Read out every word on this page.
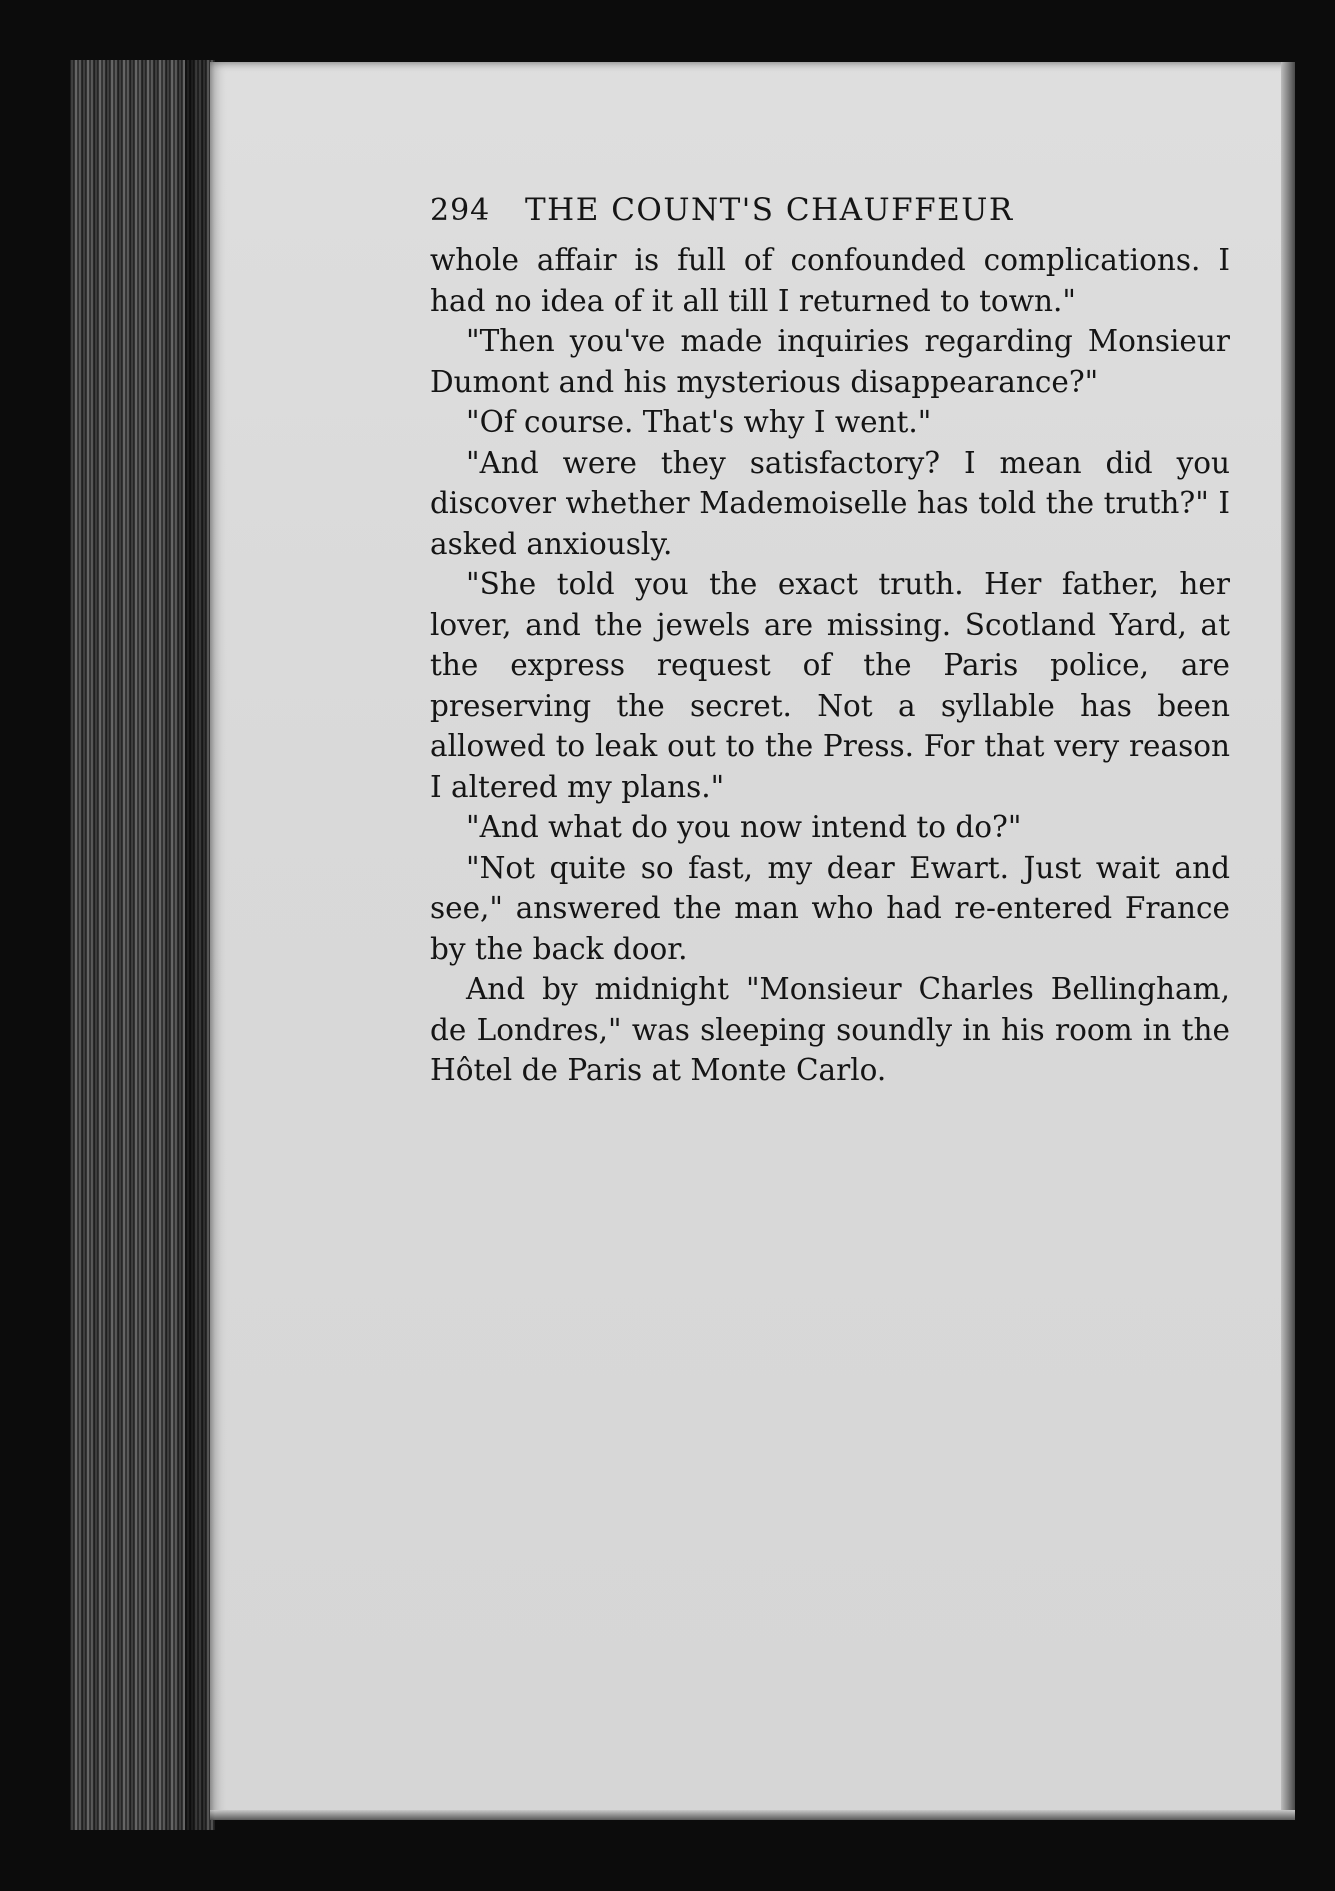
294	THE COUNT'S CHAUFFEUR

whole affair is full of confounded complications. I had no idea of it all till I returned to town."

"Then you've made inquiries regarding Monsieur Dumont and his mysterious disappearance?"

"Of course. That's why I went."

"And were they satisfactory? I mean did you discover whether Mademoiselle has told the truth?" I asked anxiously.

"She told you the exact truth. Her father, her lover, and the jewels are missing. Scotland Yard, at the express request of the Paris police, are preserving the secret. Not a syllable has been allowed to leak out to the Press. For that very reason I altered my plans."

"And what do you now intend to do?"

"Not quite so fast, my dear Ewart. Just wait and see," answered the man who had re-entered France by the back door.

And by midnight "Monsieur Charles Bellingham, de Londres," was sleeping soundly in his room in the Hôtel de Paris at Monte Carlo.
